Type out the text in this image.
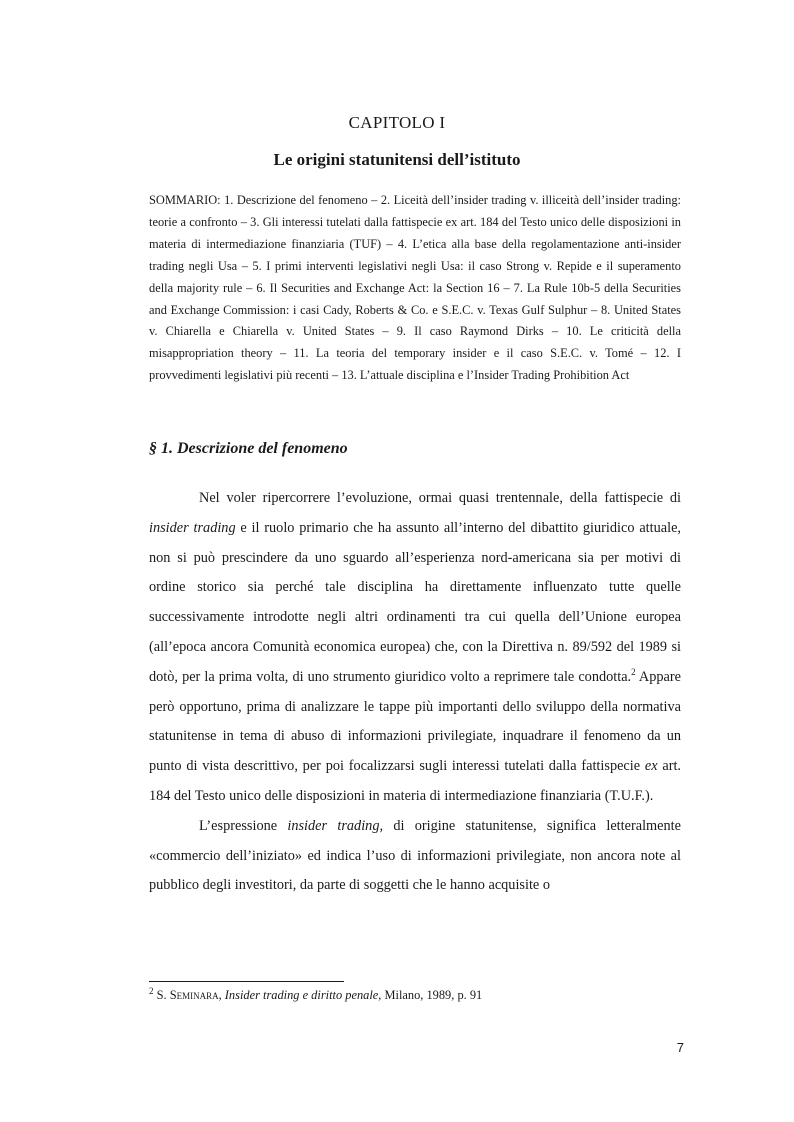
CAPITOLO I
Le origini statunitensi dell’istituto
SOMMARIO: 1. Descrizione del fenomeno – 2. Liceità dell’insider trading v. illiceità dell’insider trading: teorie a confronto – 3. Gli interessi tutelati dalla fattispecie ex art. 184 del Testo unico delle disposizioni in materia di intermediazione finanziaria (TUF) – 4. L’etica alla base della regolamentazione anti-insider trading negli Usa – 5. I primi interventi legislativi negli Usa: il caso Strong v. Repide e il superamento della majority rule – 6. Il Securities and Exchange Act: la Section 16 – 7. La Rule 10b-5 della Securities and Exchange Commission: i casi Cady, Roberts & Co. e S.E.C. v. Texas Gulf Sulphur – 8. United States v. Chiarella e Chiarella v. United States – 9. Il caso Raymond Dirks – 10. Le criticità della misappropriation theory – 11. La teoria del temporary insider e il caso S.E.C. v. Tomé – 12. I provvedimenti legislativi più recenti – 13. L’attuale disciplina e l’Insider Trading Prohibition Act
§ 1. Descrizione del fenomeno

Nel voler ripercorrere l’evoluzione, ormai quasi trentennale, della fattispecie di insider trading e il ruolo primario che ha assunto all’interno del dibattito giuridico attuale, non si può prescindere da uno sguardo all’esperienza nord-americana sia per motivi di ordine storico sia perché tale disciplina ha direttamente influenzato tutte quelle successivamente introdotte negli altri ordinamenti tra cui quella dell’Unione europea (all’epoca ancora Comunità economica europea) che, con la Direttiva n. 89/592 del 1989 si dotò, per la prima volta, di uno strumento giuridico volto a reprimere tale condotta.$^2$ Appare però opportuno, prima di analizzare le tappe più importanti dello sviluppo della normativa statunitense in tema di abuso di informazioni privilegiate, inquadrare il fenomeno da un punto di vista descrittivo, per poi focalizzarsi sugli interessi tutelati dalla fattispecie ex art. 184 del Testo unico delle disposizioni in materia di intermediazione finanziaria (T.U.F.).

L’espressione insider trading, di origine statunitense, significa letteralmente «commercio dell’iniziato» ed indica l’uso di informazioni privilegiate, non ancora note al pubblico degli investitori, da parte di soggetti che le hanno acquisite o

$^2$ S. Seminara, Insider trading e diritto penale, Milano, 1989, p. 91
7
